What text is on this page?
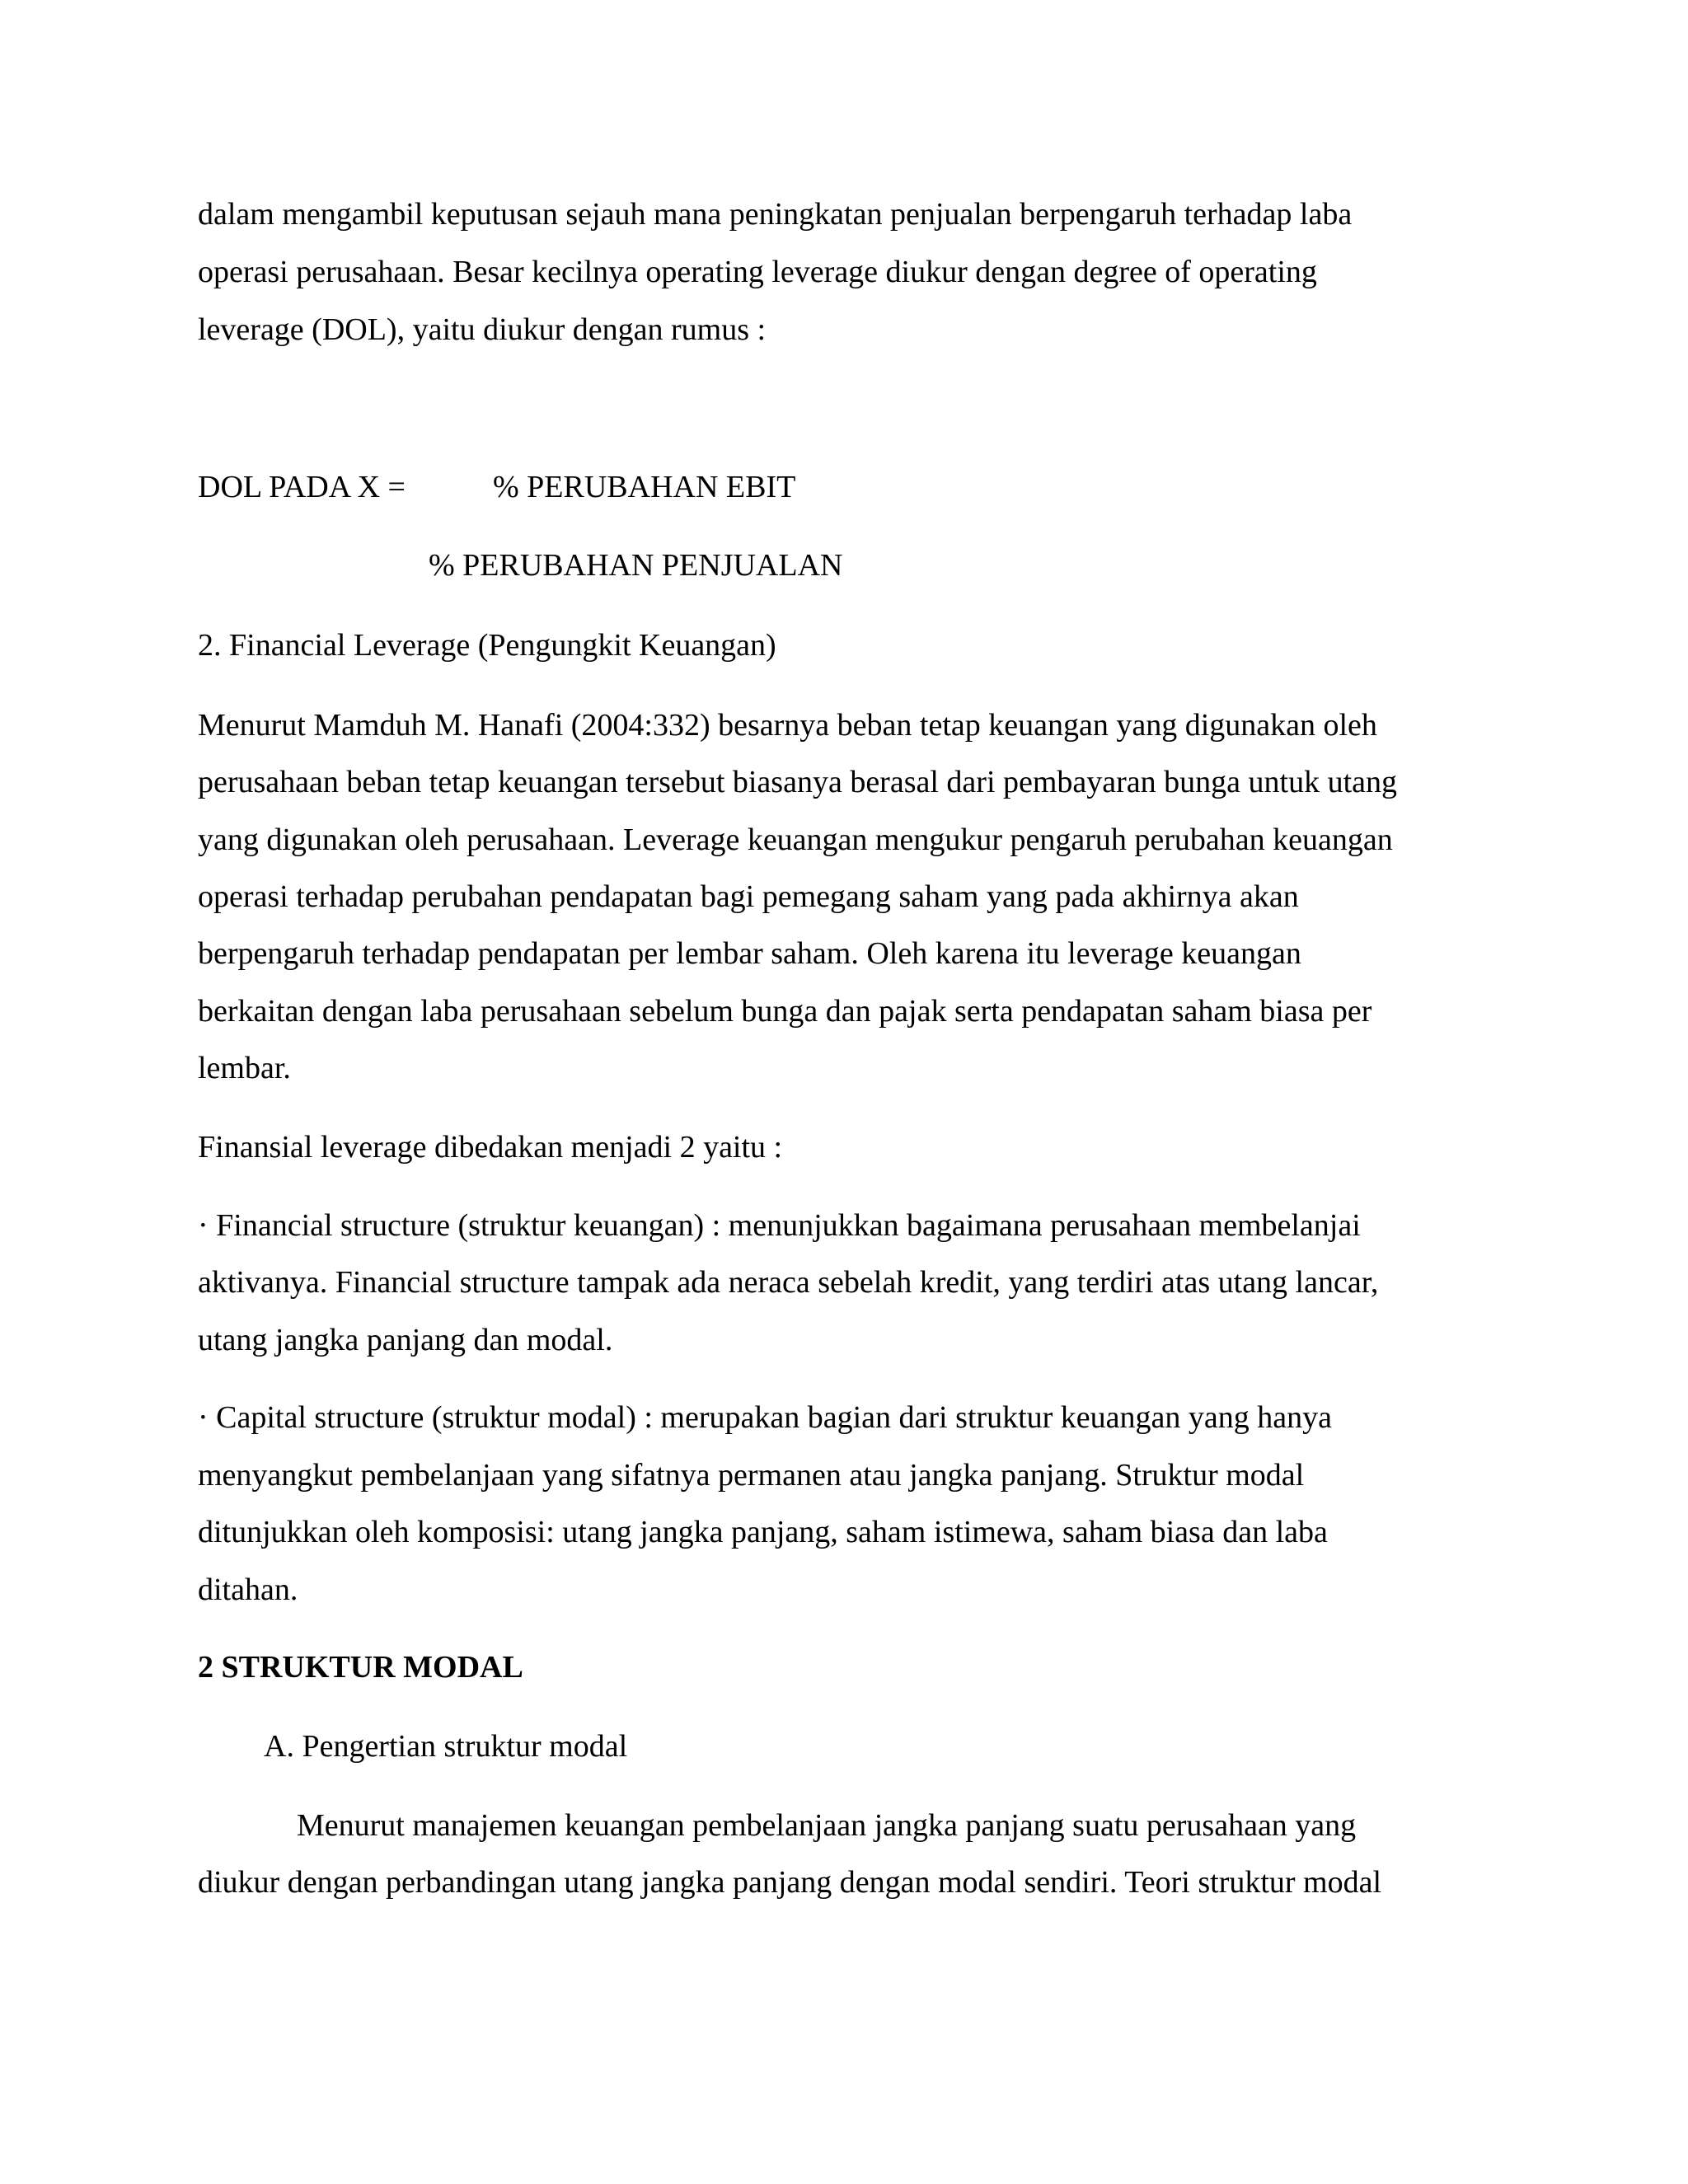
dalam mengambil keputusan sejauh mana peningkatan penjualan berpengaruh terhadap laba
operasi perusahaan. Besar kecilnya operating leverage diukur dengan degree of operating
leverage (DOL), yaitu diukur dengan rumus :
DOL PADA X =	% PERUBAHAN EBIT
% PERUBAHAN PENJUALAN
2. Financial Leverage (Pengungkit Keuangan)
Menurut Mamduh M. Hanafi (2004:332) besarnya beban tetap keuangan yang digunakan oleh
perusahaan beban tetap keuangan tersebut biasanya berasal dari pembayaran bunga untuk utang
yang digunakan oleh perusahaan. Leverage keuangan mengukur pengaruh perubahan keuangan
operasi terhadap perubahan pendapatan bagi pemegang saham yang pada akhirnya akan
berpengaruh terhadap pendapatan per lembar saham. Oleh karena itu leverage keuangan
berkaitan dengan laba perusahaan sebelum bunga dan pajak serta pendapatan saham biasa per
lembar.
Finansial leverage dibedakan menjadi 2 yaitu :
· Financial structure (struktur keuangan) : menunjukkan bagaimana perusahaan membelanjai
aktivanya. Financial structure tampak ada neraca sebelah kredit, yang terdiri atas utang lancar,
utang jangka panjang dan modal.
· Capital structure (struktur modal) : merupakan bagian dari struktur keuangan yang hanya
menyangkut pembelanjaan yang sifatnya permanen atau jangka panjang. Struktur modal
ditunjukkan oleh komposisi: utang jangka panjang, saham istimewa, saham biasa dan laba
ditahan.
2 STRUKTUR MODAL
A. Pengertian struktur modal
Menurut manajemen keuangan pembelanjaan jangka panjang suatu perusahaan yang
diukur dengan perbandingan utang jangka panjang dengan modal sendiri. Teori struktur modal
